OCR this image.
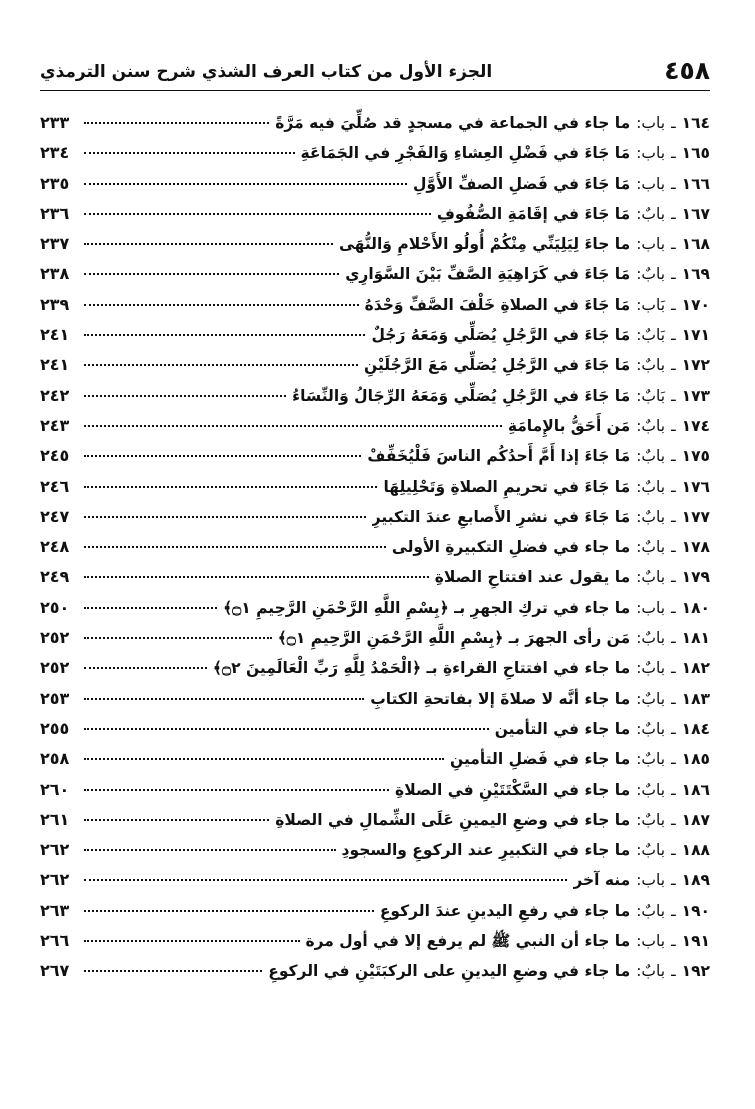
٤٥٨
الجزء الأول من كتاب العرف الشذي شرح سنن الترمذي
١٦٤
ـ
باب:
ما جاء في الجماعة في مسجدٍ قد صُلِّيَ فيه مَرَّةً
٢٣٣
١٦٥
ـ
باب:
مَا جَاءَ في فَضْلِ العِشاءِ وَالفَجْرِ في الجَمَاعَةِ
٢٣٤
١٦٦
ـ
باب:
مَا جَاءَ في فَضلِ الصفِّ الأَوَّلِ
٢٣٥
١٦٧
ـ
بابٌ:
مَا جَاءَ في إقَامَةِ الصُّفُوفِ
٢٣٦
١٦٨
ـ
باب:
ما جاءَ لِيَلِيَنِّي مِنْكُمْ أُولُو الأَحْلامِ وَالنُّهَى
٢٣٧
١٦٩
ـ
بابٌ:
مَا جَاءَ في كَرَاهِيَةِ الصَّفِّ بَيْنَ السَّوَارِي
٢٣٨
١٧٠
ـ
بَاب:
مَا جَاءَ في الصلاةِ خَلْفَ الصَّفِّ وَحْدَهُ
٢٣٩
١٧١
ـ
بَابٌ:
مَا جَاءَ في الرَّجُلِ يُصَلِّي وَمَعَهُ رَجُلٌ
٢٤١
١٧٢
ـ
بابٌ:
مَا جَاءَ في الرَّجُلِ يُصَلِّي مَعَ الرَّجُلَيْنِ
٢٤١
١٧٣
ـ
بَابٌ:
مَا جَاءَ في الرَّجُلِ يُصَلِّي وَمَعَهُ الرِّجَالُ وَالنِّسَاءُ
٢٤٢
١٧٤
ـ
بابٌ:
مَن أَحَقُّ بالإِمامَةِ
٢٤٣
١٧٥
ـ
بابٌ:
مَا جَاءَ إذا أَمَّ أَحدُكُم الناسَ فَلْيُخَفِّفْ
٢٤٥
١٧٦
ـ
بابٌ:
مَا جَاءَ في تحريمِ الصلاةِ وَتَحْلِيلِهَا
٢٤٦
١٧٧
ـ
بابٌ:
مَا جَاءَ في نشرِ الأَصابعِ عندَ التكبيرِ
٢٤٧
١٧٨
ـ
بابٌ:
ما جاء في فضلِ التكبيرةِ الأولى
٢٤٨
١٧٩
ـ
بابٌ:
ما يقول عند افتتاحِ الصلاةِ
٢٤٩
١٨٠
ـ
باب:
ما جاء في تركِ الجهرِ بـ ﴿بِسْمِ اللَّهِ الرَّحْمَنِ الرَّحِيمِ ۝١﴾
٢٥٠
١٨١
ـ
بابٌ:
مَن رأى الجهرَ بـ ﴿بِسْمِ اللَّهِ الرَّحْمَنِ الرَّحِيمِ ۝١﴾
٢٥٢
١٨٢
ـ
بابٌ:
ما جاء في افتتاحِ القراءةِ بـ ﴿الْحَمْدُ لِلَّهِ رَبِّ الْعَالَمِينَ ۝٢﴾
٢٥٢
١٨٣
ـ
بابٌ:
ما جاء أنَّه لا صلاةَ إلا بفاتحةِ الكتابِ
٢٥٣
١٨٤
ـ
بابٌ:
ما جاء في التأمين
٢٥٥
١٨٥
ـ
بابٌ:
ما جاء في فَضلِ التأمينِ
٢٥٨
١٨٦
ـ
بابٌ:
ما جاء في السَّكْتَتَيْنِ في الصلاةِ
٢٦٠
١٨٧
ـ
بابٌ:
ما جاء في وضعِ اليمينِ عَلَى الشِّمالِ في الصلاةِ
٢٦١
١٨٨
ـ
بابٌ:
ما جاء في التكبيرِ عند الركوعِ والسجودِ
٢٦٢
١٨٩
ـ
باب:
منه آخر
٢٦٢
١٩٠
ـ
بابٌ:
ما جاء في رفعِ اليدينِ عندَ الركوعِ
٢٦٣
١٩١
ـ
باب:
ما جاء أن النبي ﷺ لم يرفع إلا في أول مرة
٢٦٦
١٩٢
ـ
بابٌ:
ما جاء في وضعِ اليدينِ على الركبَتَيْنِ في الركوعِ
٢٦٧
